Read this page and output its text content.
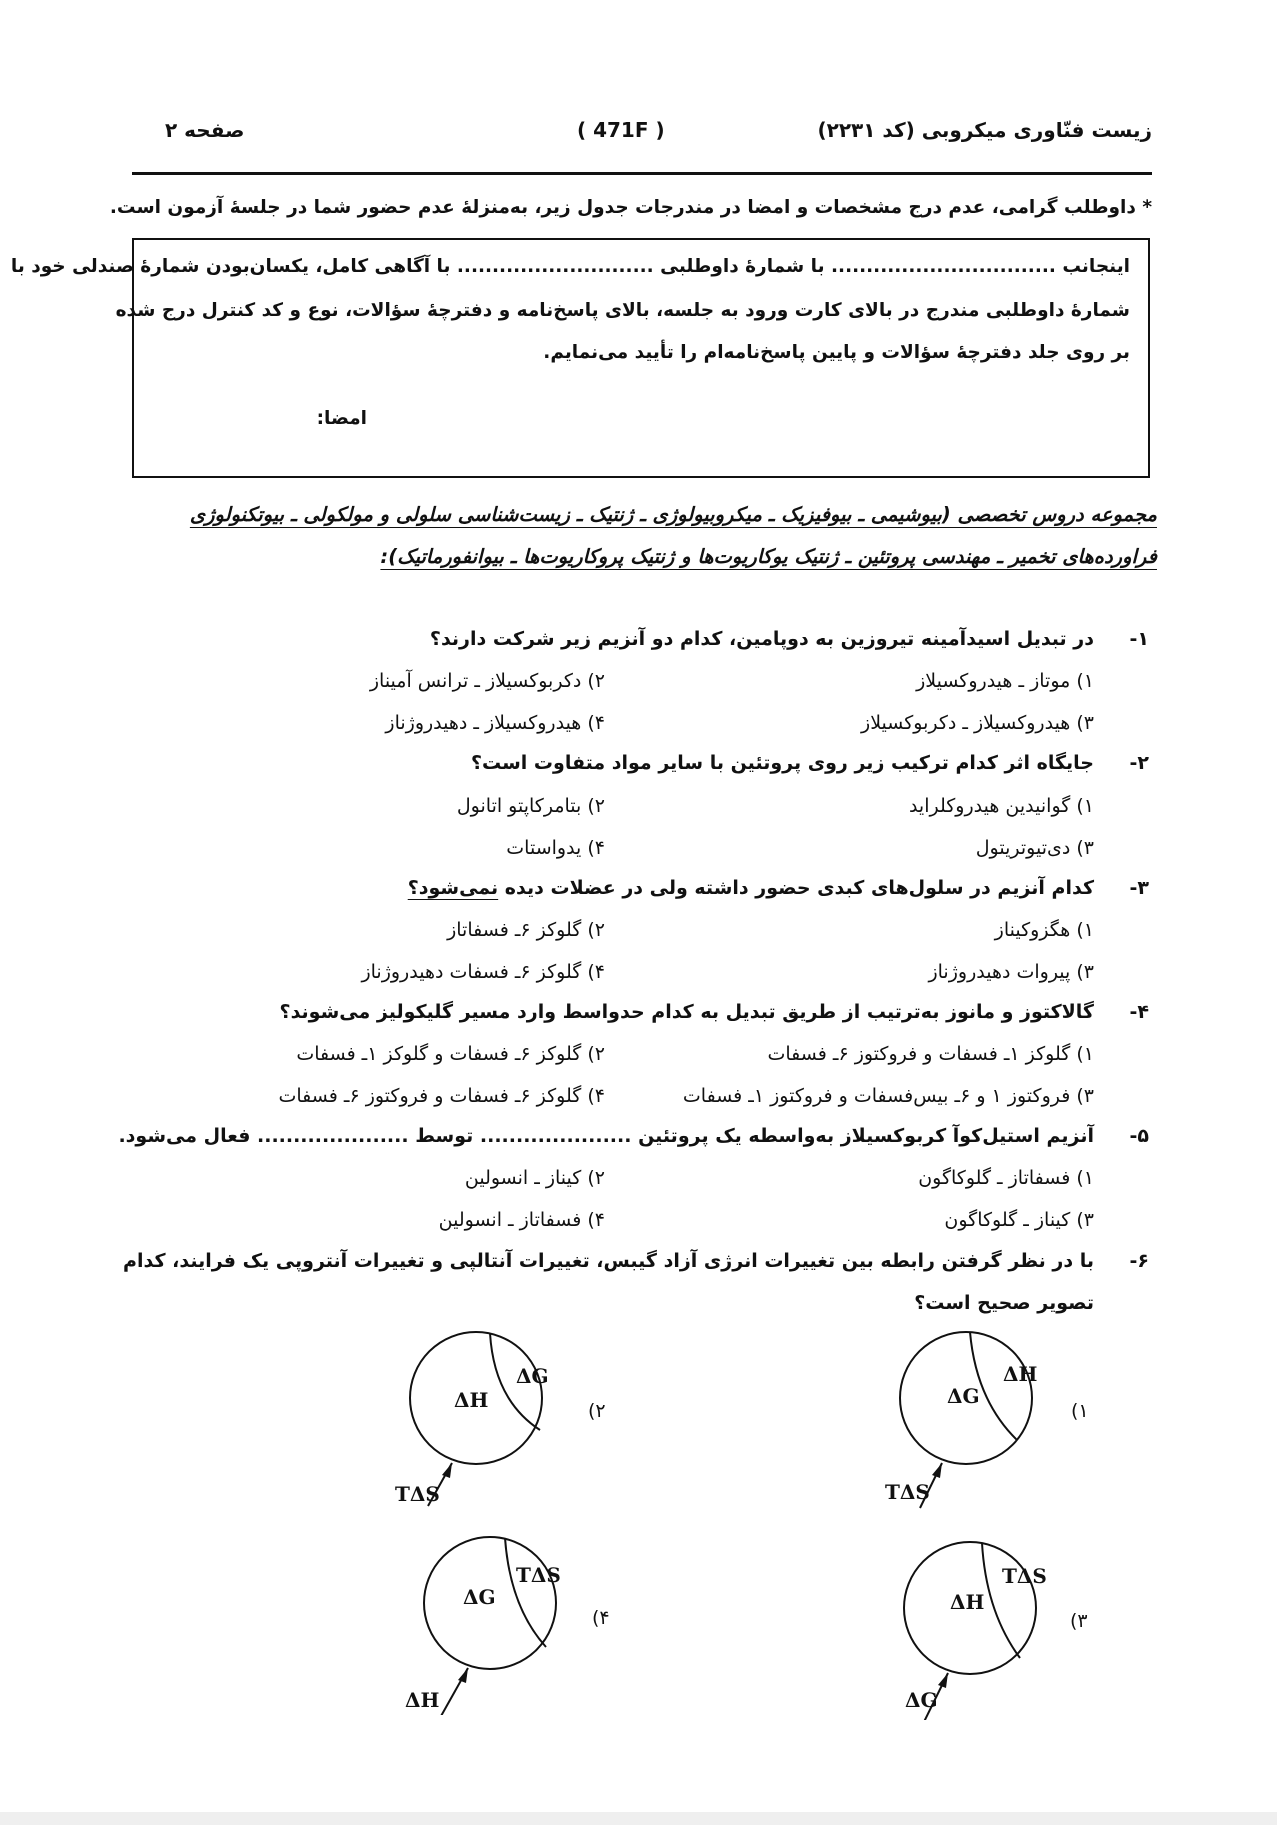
زیست فنّاوری میکروبی (کد ۲۲۳۱)
( 471F )
صفحه ۲
* داوطلب گرامی، عدم درج مشخصات و امضا در مندرجات جدول زیر، به‌منزلۀ عدم حضور شما در جلسۀ آزمون است.
اینجانب ................................ با شمارۀ داوطلبی ............................ با آگاهی کامل، یکسان‌بودن شمارۀ صندلی خود با
شمارۀ داوطلبی مندرج در بالای کارت ورود به جلسه، بالای پاسخ‌نامه و دفترچۀ سؤالات، نوع و کد کنترل درج شده
بر روی جلد دفترچۀ سؤالات و پایین پاسخ‌نامه‌ام را تأیید می‌نمایم.
امضا:
مجموعه دروس تخصصی (بیوشیمی ـ بیوفیزیک ـ میکروبیولوژی ـ ژنتیک ـ زیست‌شناسی سلولی و مولکولی ـ بیوتکنولوژی
فراورده‌های تخمیر ـ مهندسی پروتئین ـ ژنتیک یوکاریوت‌ها و ژنتیک پروکاریوت‌ها ـ بیوانفورماتیک):
۱-
در تبدیل اسیدآمینه تیروزین به دوپامین، کدام دو آنزیم زیر شرکت دارند؟
۱) موتاز ـ هیدروکسیلاز
۲) دکربوکسیلاز ـ ترانس آمیناز
۳) هیدروکسیلاز ـ دکربوکسیلاز
۴) هیدروکسیلاز ـ دهیدروژناز
۲-
جایگاه اثر کدام ترکیب زیر روی پروتئین با سایر مواد متفاوت است؟
۱) گوانیدین هیدروکلراید
۲) بتامرکاپتو اتانول
۳) دی‌تیوتریتول
۴) یدواستات
۳-
کدام آنزیم در سلول‌های کبدی حضور داشته ولی در عضلات دیده نمی‌شود؟
۱) هگزوکیناز
۲) گلوکز ۶ـ فسفاتاز
۳) پیروات دهیدروژناز
۴) گلوکز ۶ـ فسفات دهیدروژناز
۴-
گالاکتوز و مانوز به‌ترتیب از طریق تبدیل به کدام حدواسط وارد مسیر گلیکولیز می‌شوند؟
۱) گلوکز ۱ـ فسفات و فروکتوز ۶ـ فسفات
۲) گلوکز ۶ـ فسفات و گلوکز ۱ـ فسفات
۳) فروکتوز ۱ و ۶ـ بیس‌فسفات و فروکتوز ۱ـ فسفات
۴) گلوکز ۶ـ فسفات و فروکتوز ۶ـ فسفات
۵-
آنزیم استیل‌کوآ کربوکسیلاز به‌واسطه یک پروتئین ..................... توسط ..................... فعال می‌شود.
۱) فسفاتاز ـ گلوکاگون
۲) کیناز ـ انسولین
۳) کیناز ـ گلوکاگون
۴) فسفاتاز ـ انسولین
۶-
با در نظر گرفتن رابطه بین تغییرات انرژی آزاد گیبس، تغییرات آنتالپی و تغییرات آنتروپی یک فرایند، کدام
تصویر صحیح است؟
ΔG
ΔH
۱)
TΔS
ΔH
ΔG
۲)
TΔS
ΔH
TΔS
۳)
ΔG
ΔG
TΔS
۴)
ΔH
